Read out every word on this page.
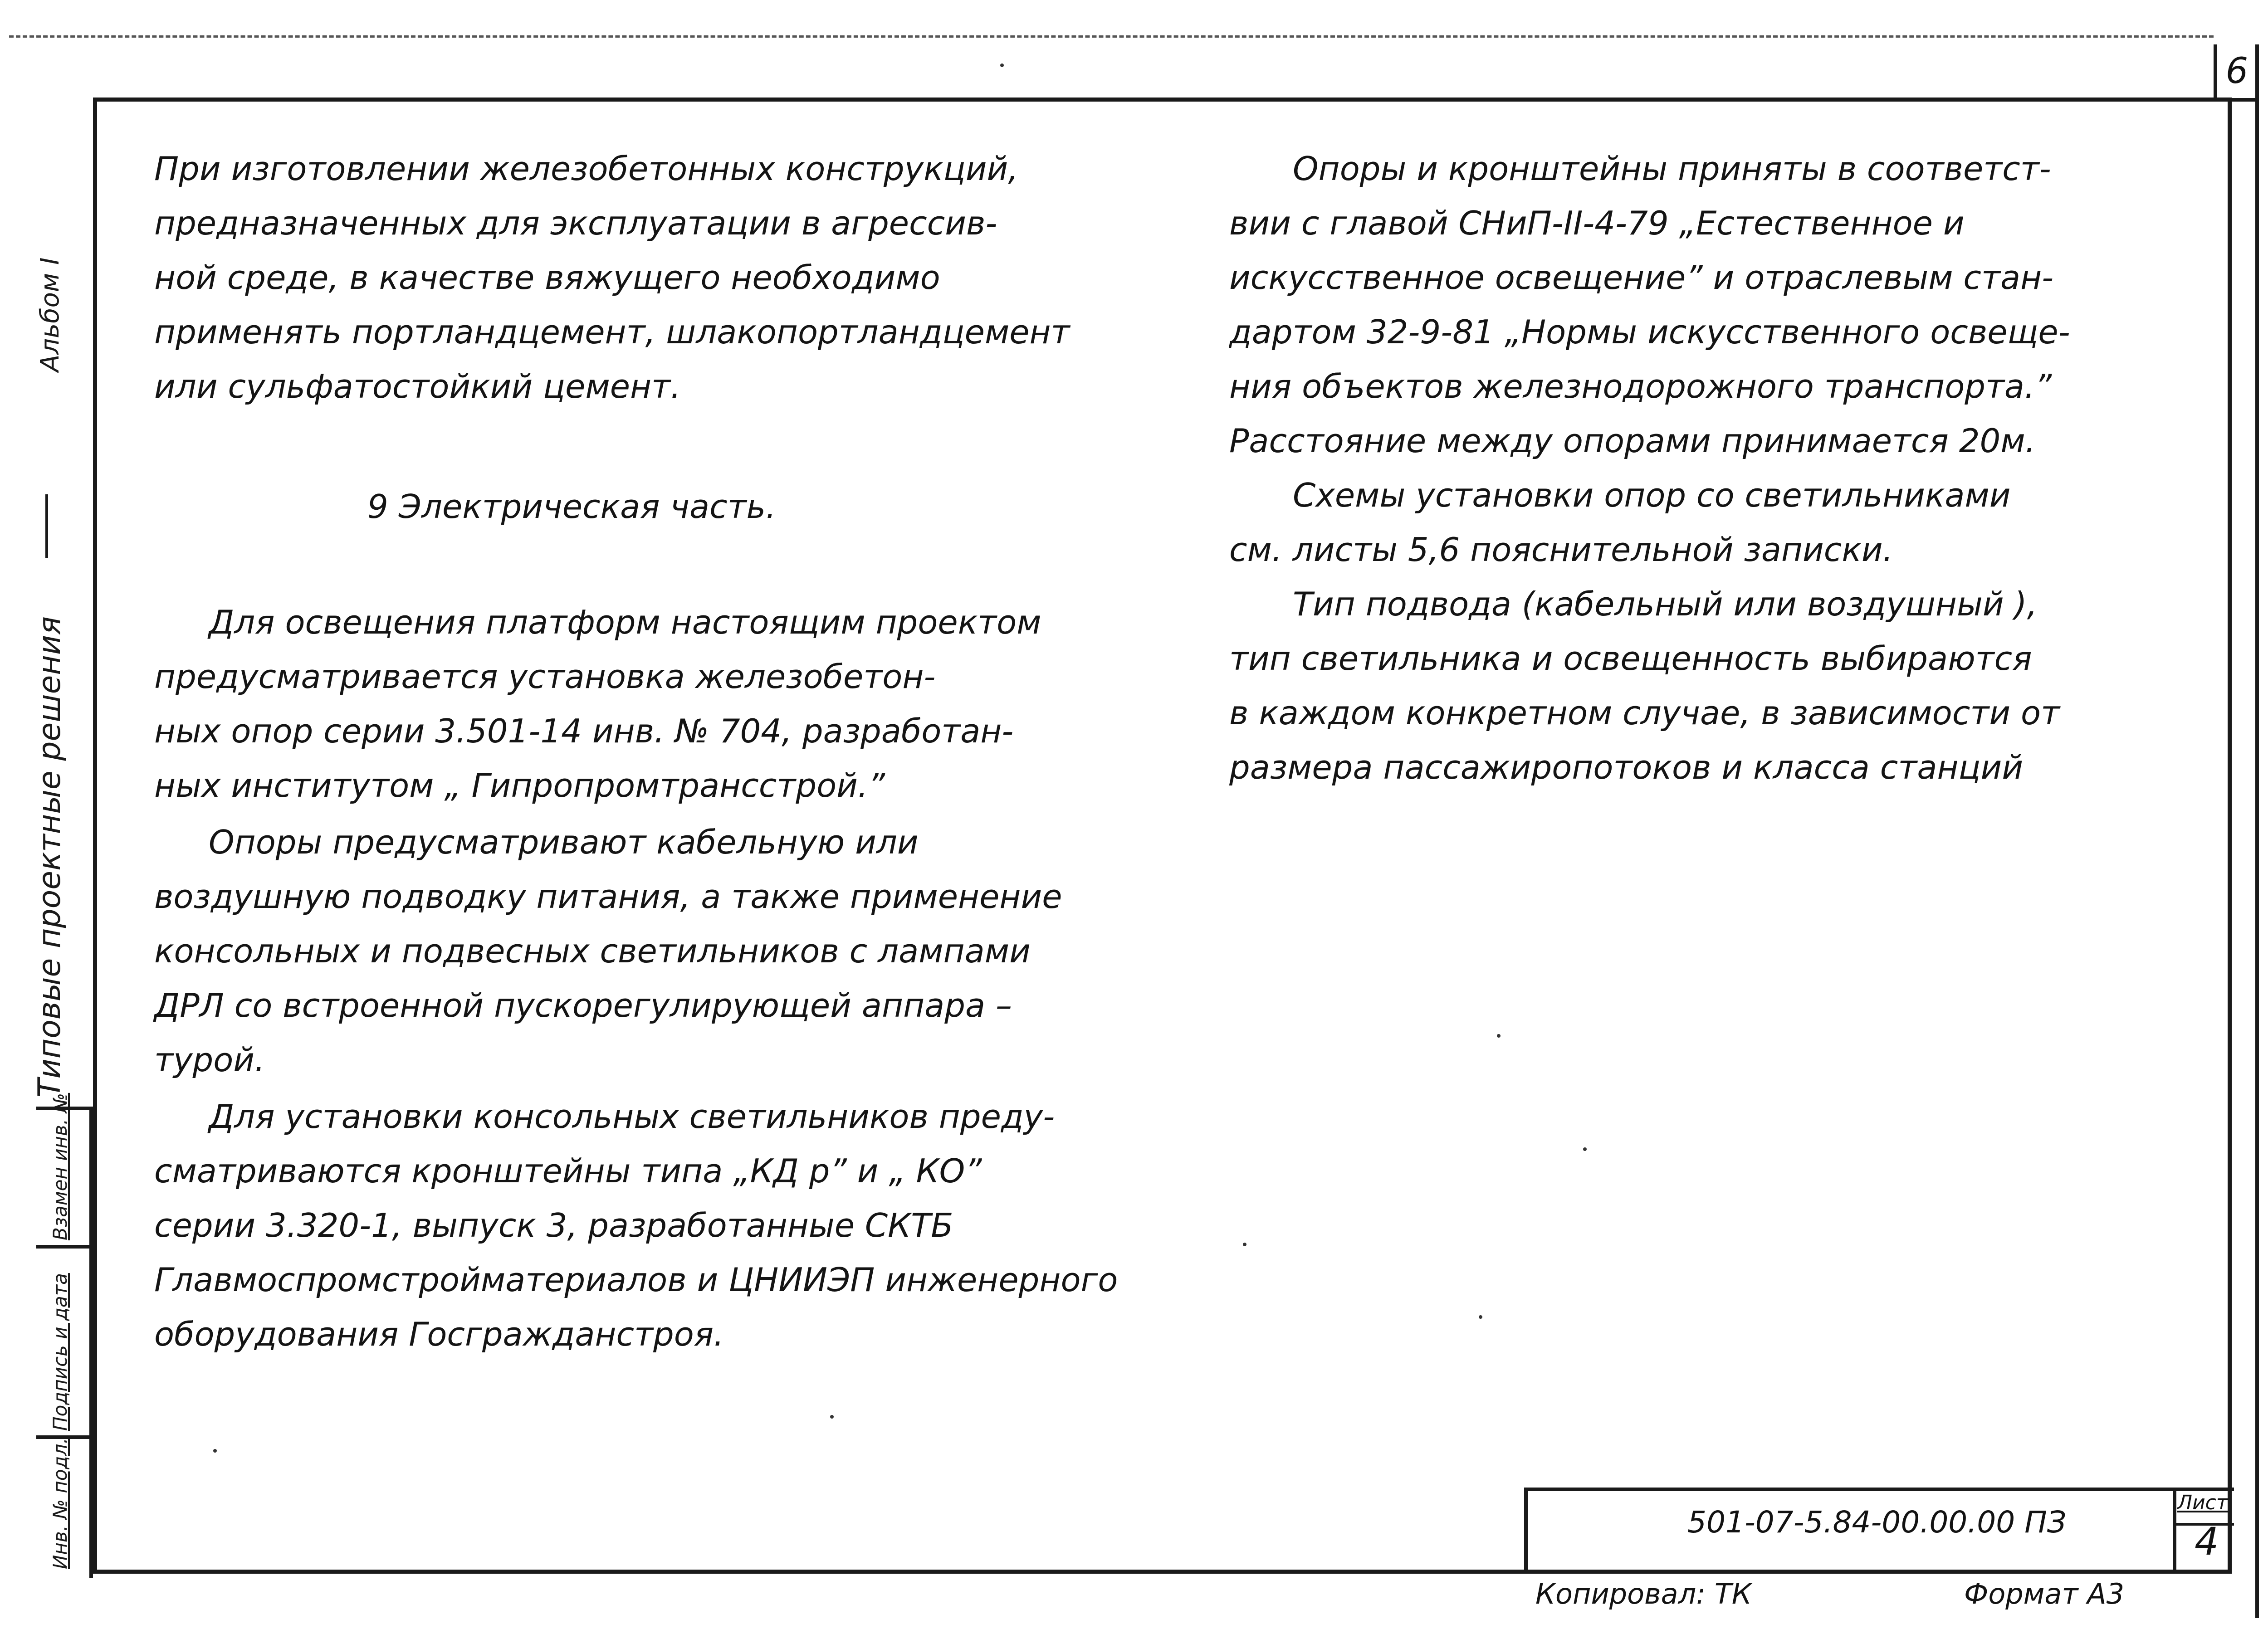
6
Альбом I
Типовые проектные решения
Взамен инв. №
Подпись и дата
Инв. № подл.
При изготовлении железобетонных конструкций,
предназначенных для эксплуатации в агрессив-
ной среде, в качестве вяжущего необходимо
применять портландцемент, шлакопортландцемент
или сульфатостойкий цемент.
9 Электрическая часть.
Для освещения платформ настоящим проектом
предусматривается установка железобетон-
ных опор серии 3.501-14 инв. № 704, разработан-
ных институтом „ Гипропромтрансстрой.”
Опоры предусматривают кабельную или
воздушную подводку питания, а также применение
консольных и подвесных светильников с лампами
ДРЛ со встроенной пускорегулирующей аппара –
турой.
Для установки консольных светильников преду-
сматриваются кронштейны типа „КД р” и „ КО”
серии 3.320-1, выпуск 3, разработанные СКТБ
Главмоспромстройматериалов и ЦНИИЭП инженерного
оборудования Госгражданстроя.
Опоры и кронштейны приняты в соответст-
вии с главой СНиП-II-4-79 „Естественное и
искусственное освещение” и отраслевым стан-
дартом 32-9-81 „Нормы искусственного освеще-
ния объектов железнодорожного транспорта.”
Расстояние между опорами принимается 20м.
Схемы установки опор со светильниками
см. листы 5,6 пояснительной записки.
Тип подвода (кабельный или воздушный ),
тип светильника и освещенность выбираются
в каждом конкретном случае, в зависимости от
размера пассажиропотоков и класса станций
501-07-5.84-00.00.00 ПЗ
Лист
4
Копировал: ТК	Формат А3
